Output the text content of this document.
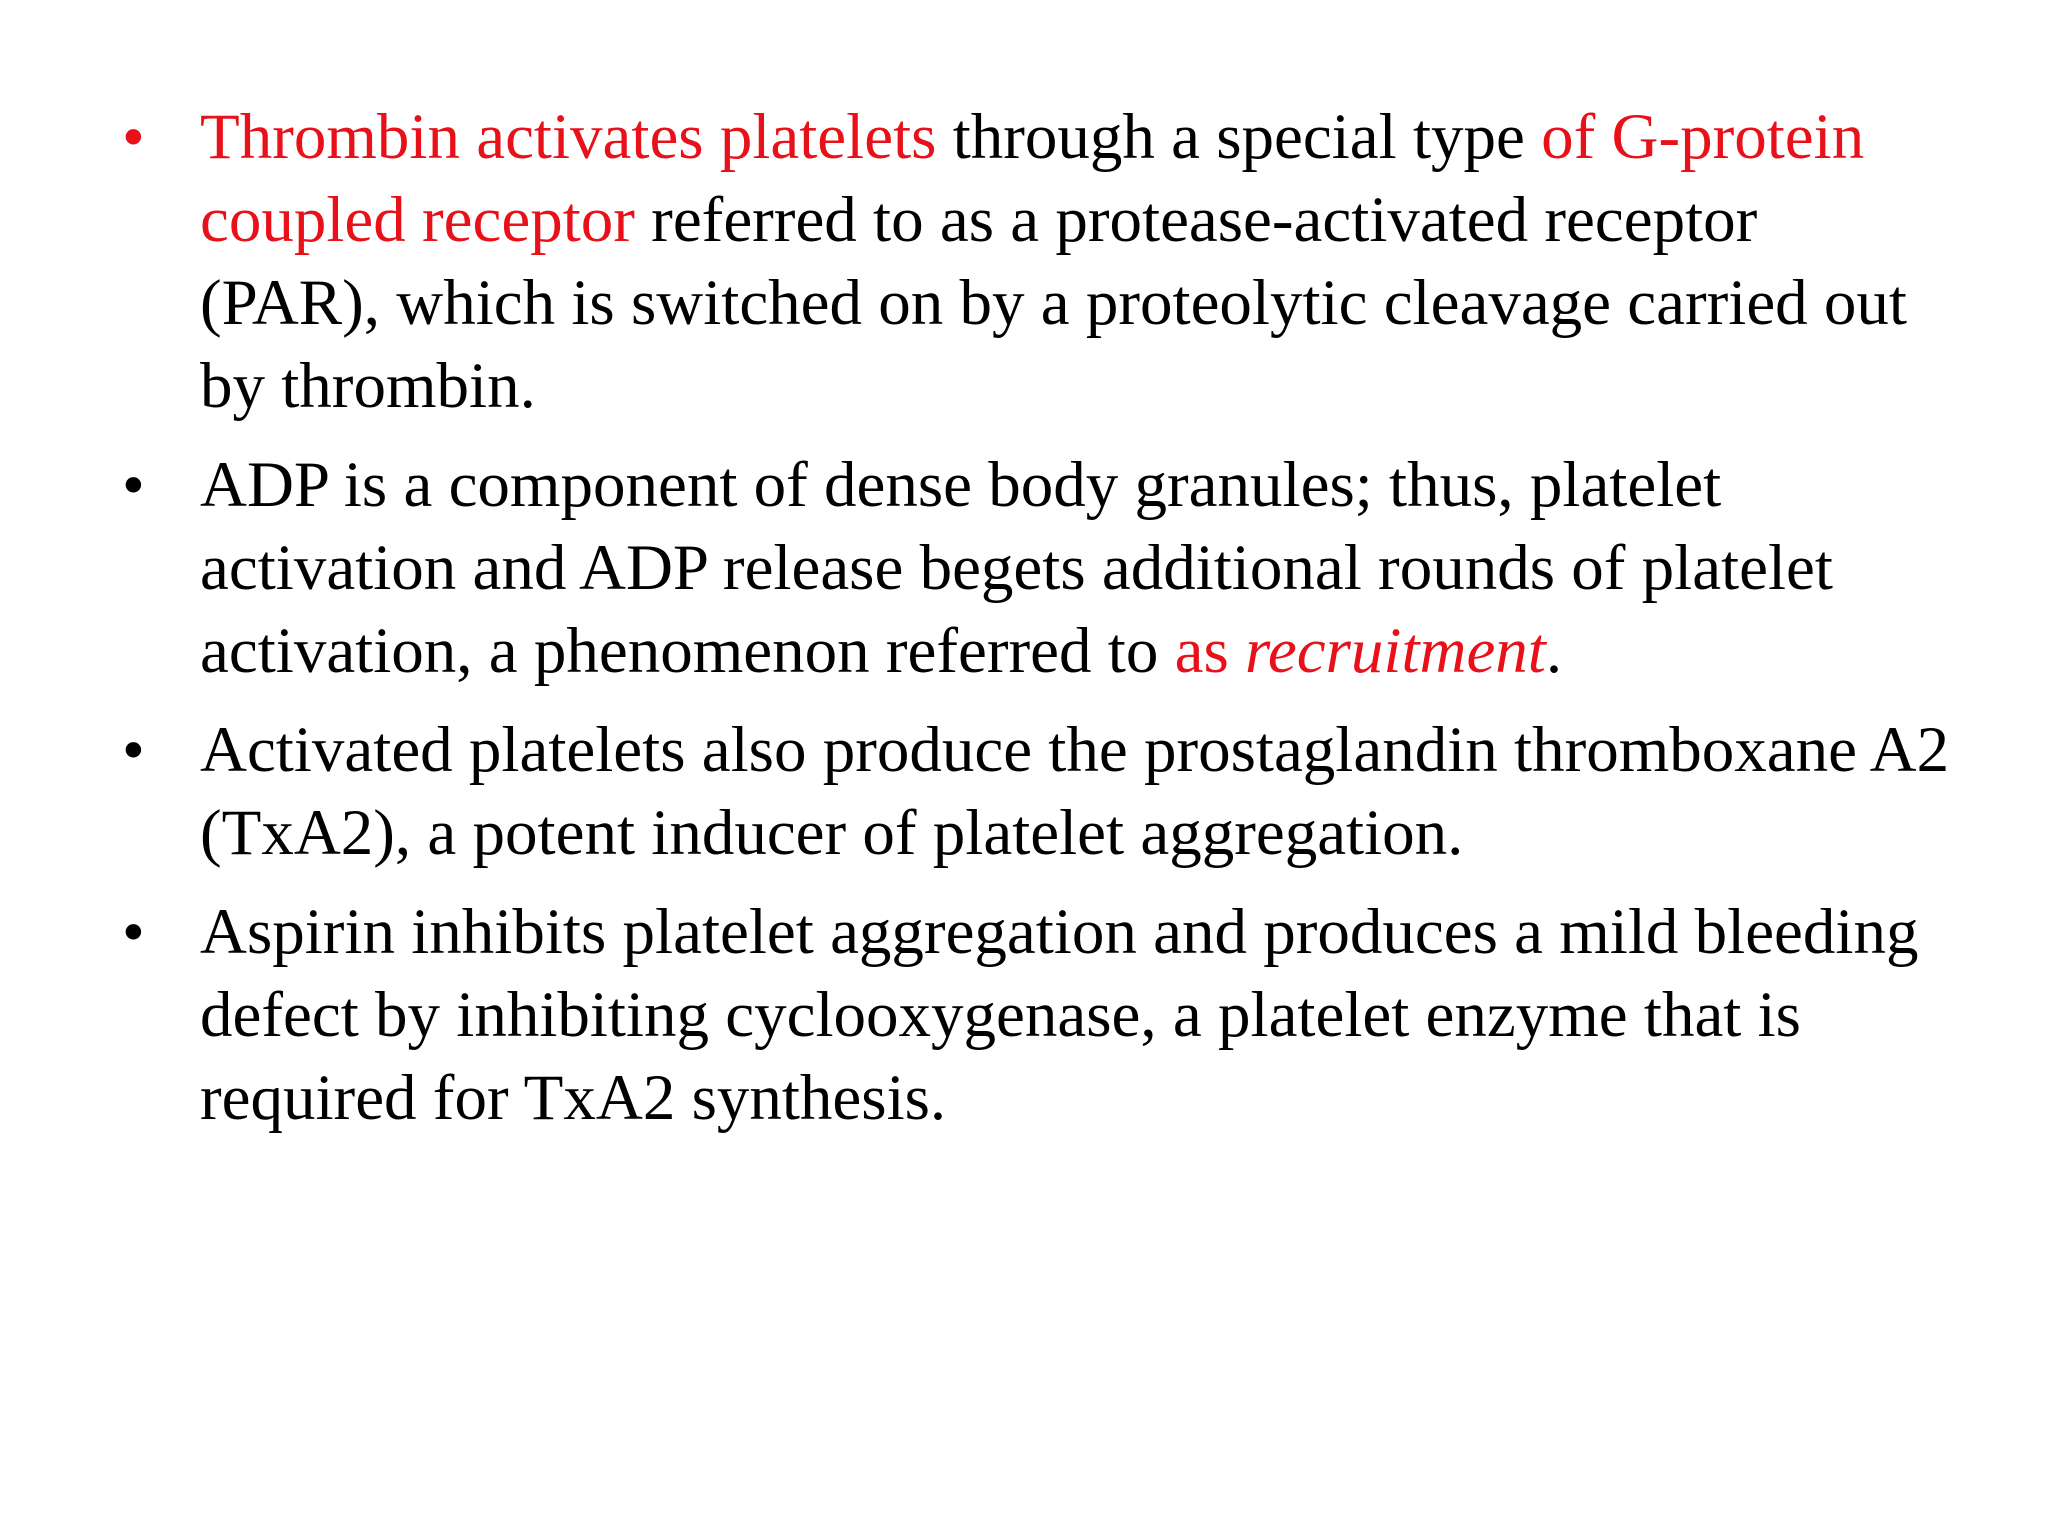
• Thrombin activates platelets through a special type of G-protein coupled receptor referred to as a protease-activated receptor (PAR), which is switched on by a proteolytic cleavage carried out by thrombin.
• ADP is a component of dense body granules; thus, platelet activation and ADP release begets additional rounds of platelet activation, a phenomenon referred to as recruitment.
• Activated platelets also produce the prostaglandin thromboxane A2 (TxA2), a potent inducer of platelet aggregation.
• Aspirin inhibits platelet aggregation and produces a mild bleeding defect by inhibiting cyclooxygenase, a platelet enzyme that is required for TxA2 synthesis.
